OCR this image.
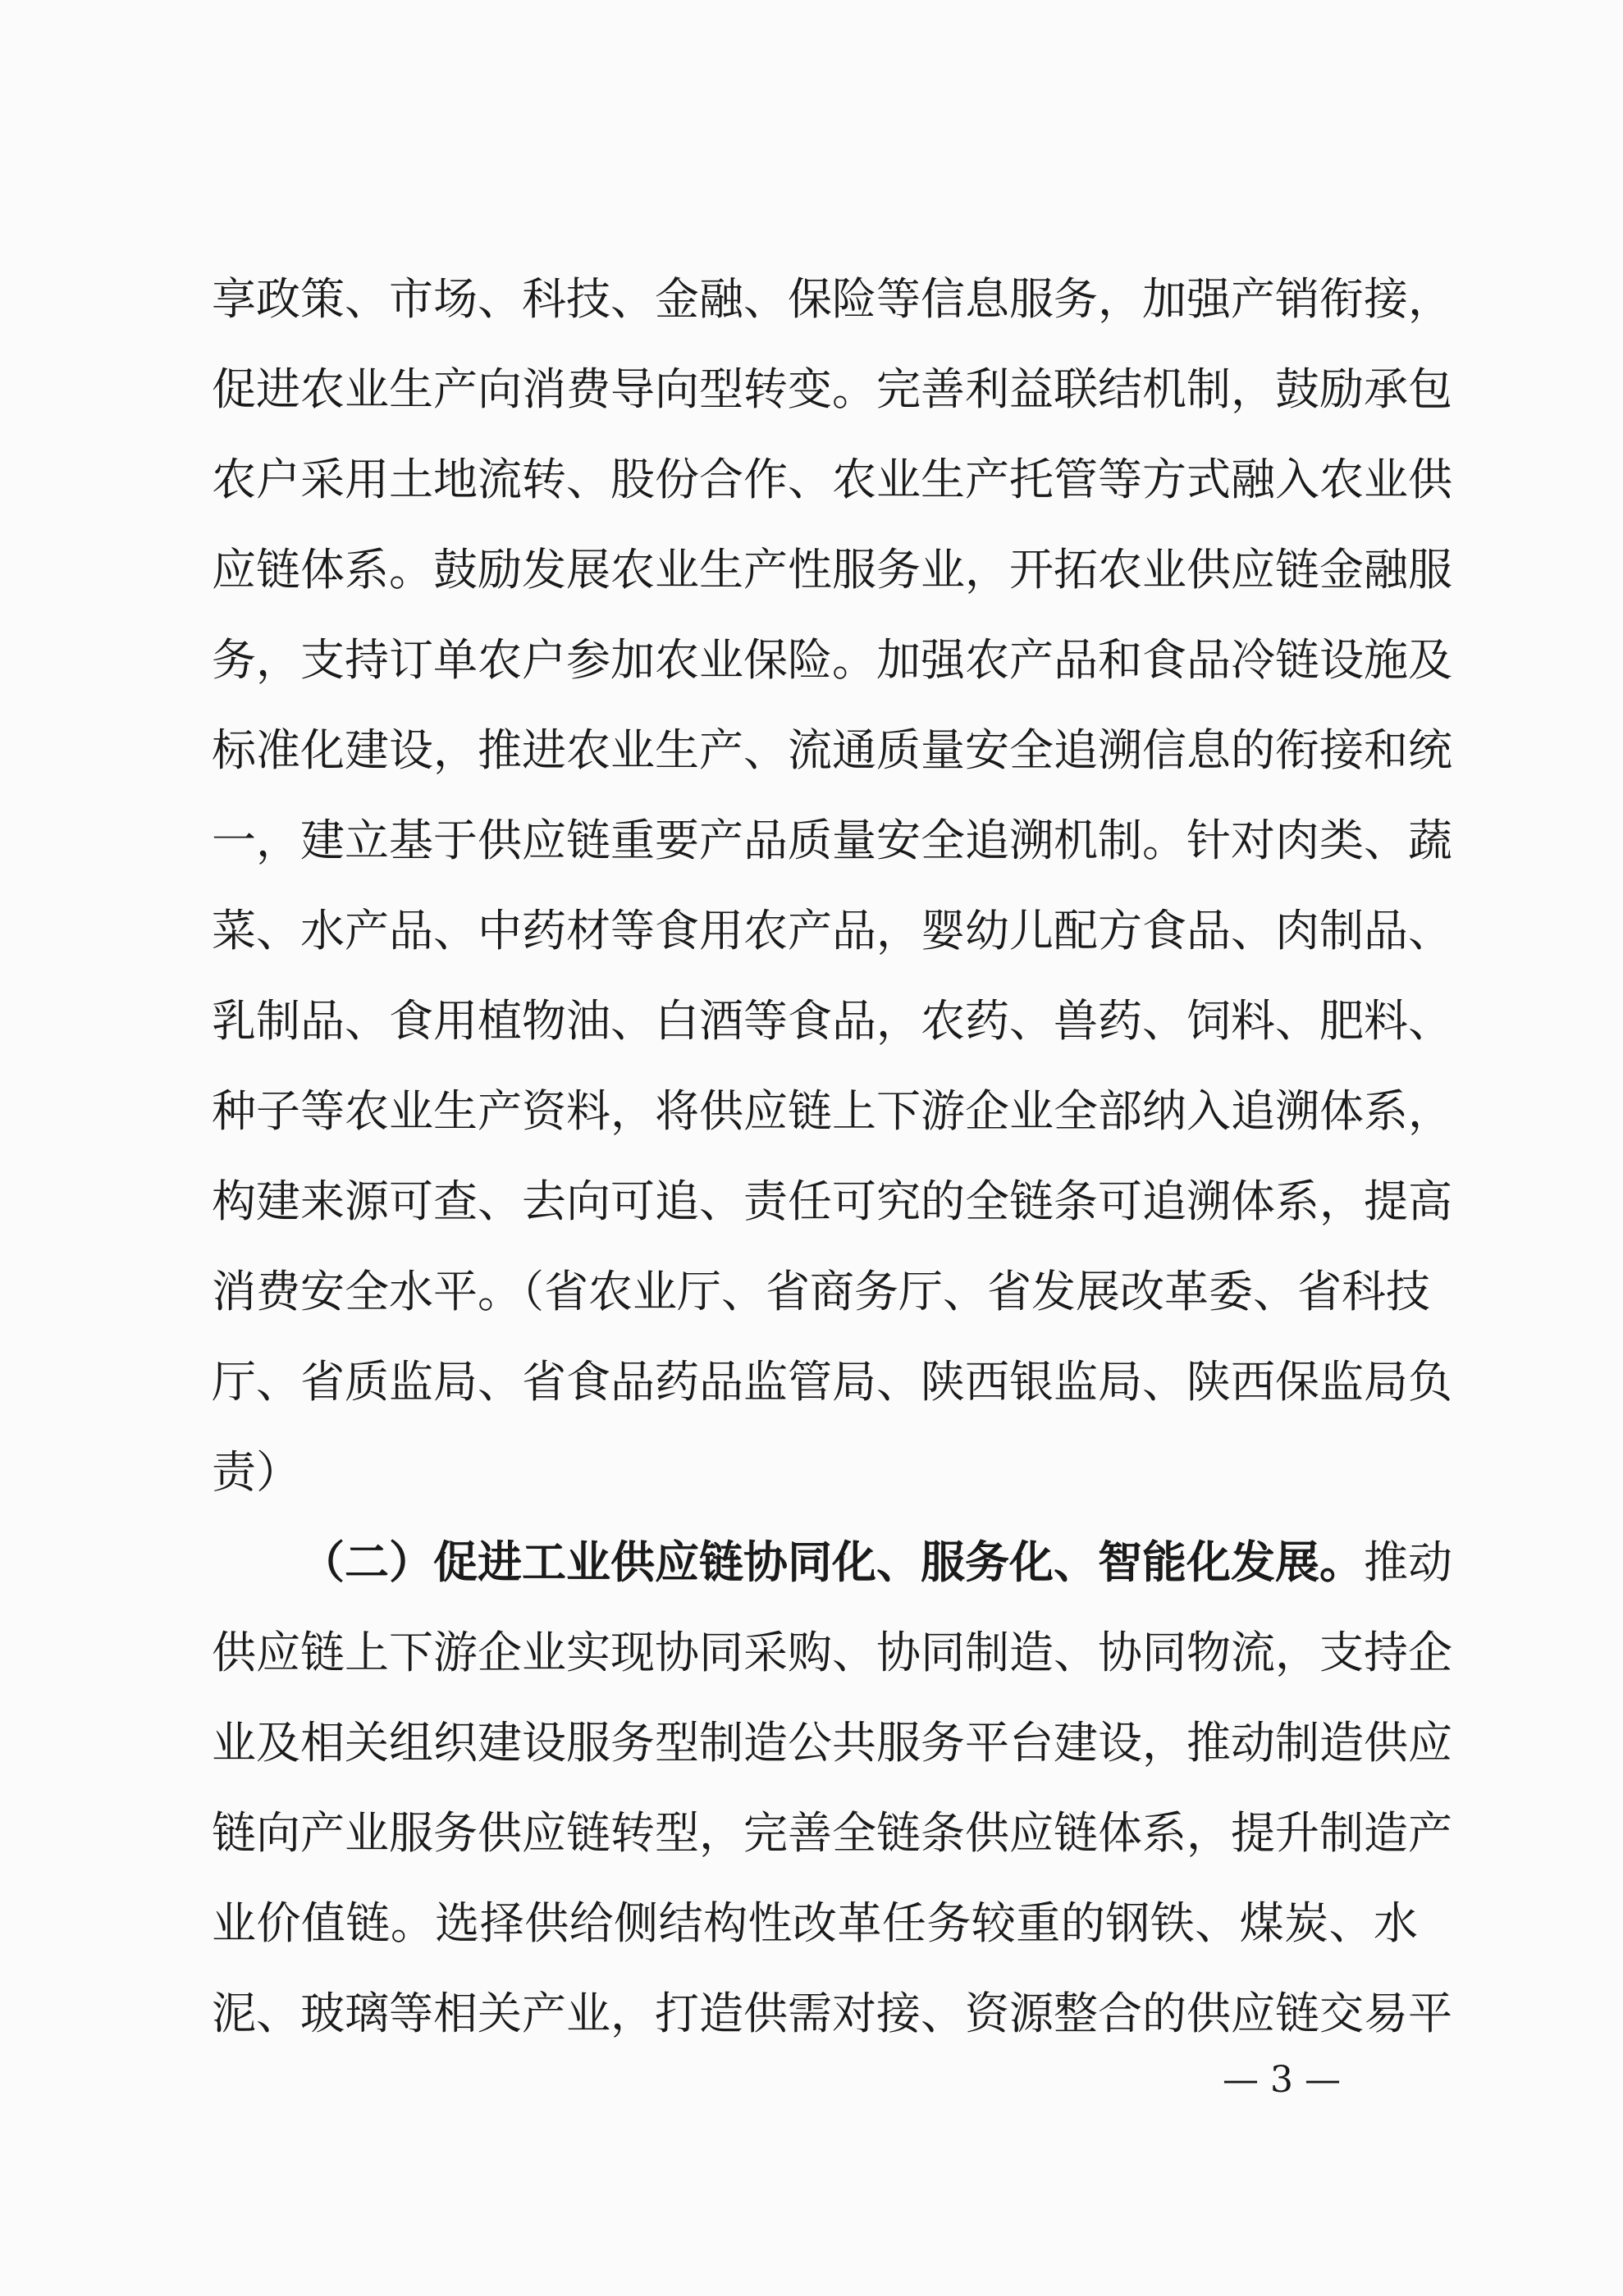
享政策、市场、科技、金融、保险等信息服务，加强产销衔接，
促进农业生产向消费导向型转变。完善利益联结机制，鼓励承包
农户采用土地流转、股份合作、农业生产托管等方式融入农业供
应链体系。鼓励发展农业生产性服务业，开拓农业供应链金融服
务，支持订单农户参加农业保险。加强农产品和食品冷链设施及
标准化建设，推进农业生产、流通质量安全追溯信息的衔接和统
一，建立基于供应链重要产品质量安全追溯机制。针对肉类、蔬
菜、水产品、中药材等食用农产品，婴幼儿配方食品、肉制品、
乳制品、食用植物油、白酒等食品，农药、兽药、饲料、肥料、
种子等农业生产资料，将供应链上下游企业全部纳入追溯体系，
构建来源可查、去向可追、责任可究的全链条可追溯体系，提高
消费安全水平。（省农业厅、省商务厅、省发展改革委、省科技
厅、省质监局、省食品药品监管局、陕西银监局、陕西保监局负
责）
（二）促进工业供应链协同化、服务化、智能化发展。推动
供应链上下游企业实现协同采购、协同制造、协同物流，支持企
业及相关组织建设服务型制造公共服务平台建设，推动制造供应
链向产业服务供应链转型，完善全链条供应链体系，提升制造产
业价值链。选择供给侧结构性改革任务较重的钢铁、煤炭、水
泥、玻璃等相关产业，打造供需对接、资源整合的供应链交易平
— 3 —
